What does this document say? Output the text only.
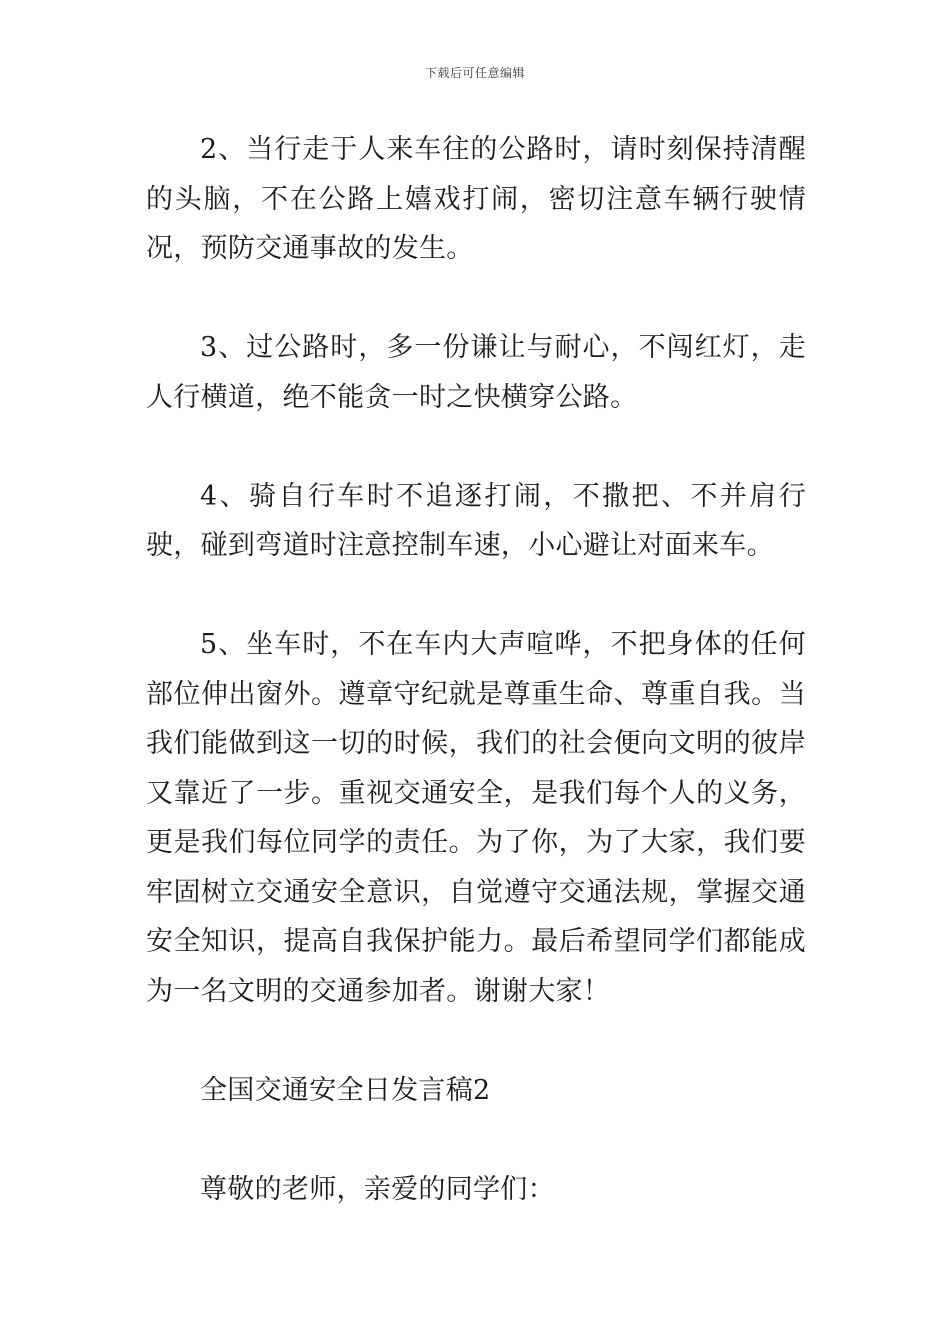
下载后可任意编辑

2、当行走于人来车往的公路时，请时刻保持清醒的头脑，不在公路上嬉戏打闹，密切注意车辆行驶情况，预防交通事故的发生。

3、过公路时，多一份谦让与耐心，不闯红灯，走人行横道，绝不能贪一时之快横穿公路。

4、骑自行车时不追逐打闹，不撒把、不并肩行驶，碰到弯道时注意控制车速，小心避让对面来车。

5、坐车时，不在车内大声喧哗，不把身体的任何部位伸出窗外。遵章守纪就是尊重生命、尊重自我。当我们能做到这一切的时候，我们的社会便向文明的彼岸又靠近了一步。重视交通安全，是我们每个人的义务，更是我们每位同学的责任。为了你，为了大家，我们要牢固树立交通安全意识，自觉遵守交通法规，掌握交通安全知识，提高自我保护能力。最后希望同学们都能成为一名文明的交通参加者。谢谢大家！

全国交通安全日发言稿2

尊敬的老师，亲爱的同学们：
